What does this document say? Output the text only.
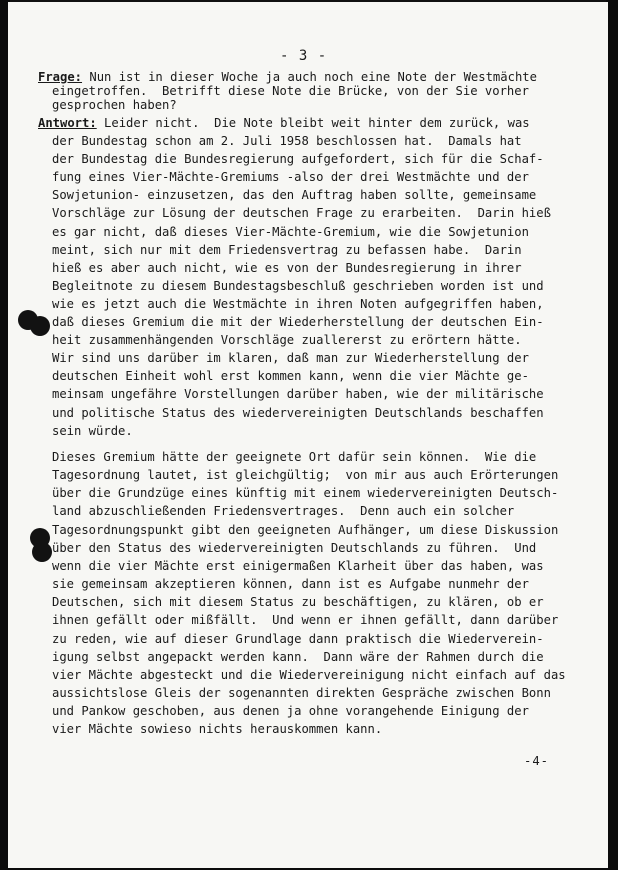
- 3 -
Frage: Nun ist in dieser Woche ja auch noch eine Note der Westmächte
eingetroffen.  Betrifft diese Note die Brücke, von der Sie vorher
gesprochen haben?
Antwort: Leider nicht.  Die Note bleibt weit hinter dem zurück, was
der Bundestag schon am 2. Juli 1958 beschlossen hat.  Damals hat
der Bundestag die Bundesregierung aufgefordert, sich für die Schaf-
fung eines Vier-Mächte-Gremiums -also der drei Westmächte und der
Sowjetunion- einzusetzen, das den Auftrag haben sollte, gemeinsame
Vorschläge zur Lösung der deutschen Frage zu erarbeiten.  Darin hieß
es gar nicht, daß dieses Vier-Mächte-Gremium, wie die Sowjetunion
meint, sich nur mit dem Friedensvertrag zu befassen habe.  Darin
hieß es aber auch nicht, wie es von der Bundesregierung in ihrer
Begleitnote zu diesem Bundestagsbeschluß geschrieben worden ist und
wie es jetzt auch die Westmächte in ihren Noten aufgegriffen haben,
daß dieses Gremium die mit der Wiederherstellung der deutschen Ein-
heit zusammenhängenden Vorschläge zuallererst zu erörtern hätte.
Wir sind uns darüber im klaren, daß man zur Wiederherstellung der
deutschen Einheit wohl erst kommen kann, wenn die vier Mächte ge-
meinsam ungefähre Vorstellungen darüber haben, wie der militärische
und politische Status des wiedervereinigten Deutschlands beschaffen
sein würde.
Dieses Gremium hätte der geeignete Ort dafür sein können.  Wie die
Tagesordnung lautet, ist gleichgültig;  von mir aus auch Erörterungen
über die Grundzüge eines künftig mit einem wiedervereinigten Deutsch-
land abzuschließenden Friedensvertrages.  Denn auch ein solcher
Tagesordnungspunkt gibt den geeigneten Aufhänger, um diese Diskussion
über den Status des wiedervereinigten Deutschlands zu führen.  Und
wenn die vier Mächte erst einigermaßen Klarheit über das haben, was
sie gemeinsam akzeptieren können, dann ist es Aufgabe nunmehr der
Deutschen, sich mit diesem Status zu beschäftigen, zu klären, ob er
ihnen gefällt oder mißfällt.  Und wenn er ihnen gefällt, dann darüber
zu reden, wie auf dieser Grundlage dann praktisch die Wiederverein-
igung selbst angepackt werden kann.  Dann wäre der Rahmen durch die
vier Mächte abgesteckt und die Wiedervereinigung nicht einfach auf das
aussichtslose Gleis der sogenannten direkten Gespräche zwischen Bonn
und Pankow geschoben, aus denen ja ohne vorangehende Einigung der
vier Mächte sowieso nichts herauskommen kann.
-4-
